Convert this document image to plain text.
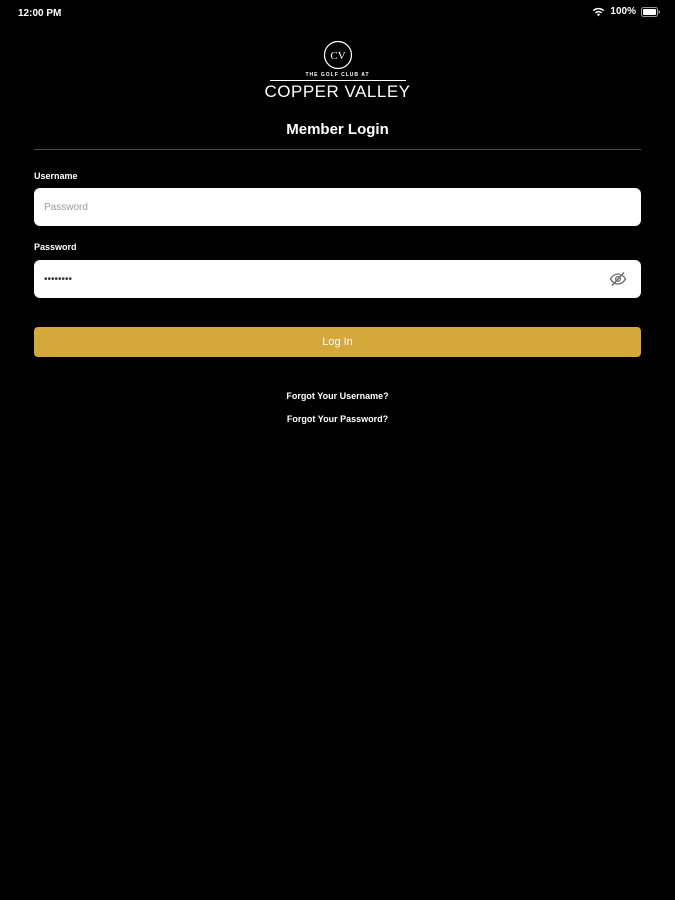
12:00 PM	100%
CV
THE GOLF CLUB AT
COPPER VALLEY
Member Login
Username
Password
Password
••••••••
Log In
Forgot Your Username?
Forgot Your Password?
